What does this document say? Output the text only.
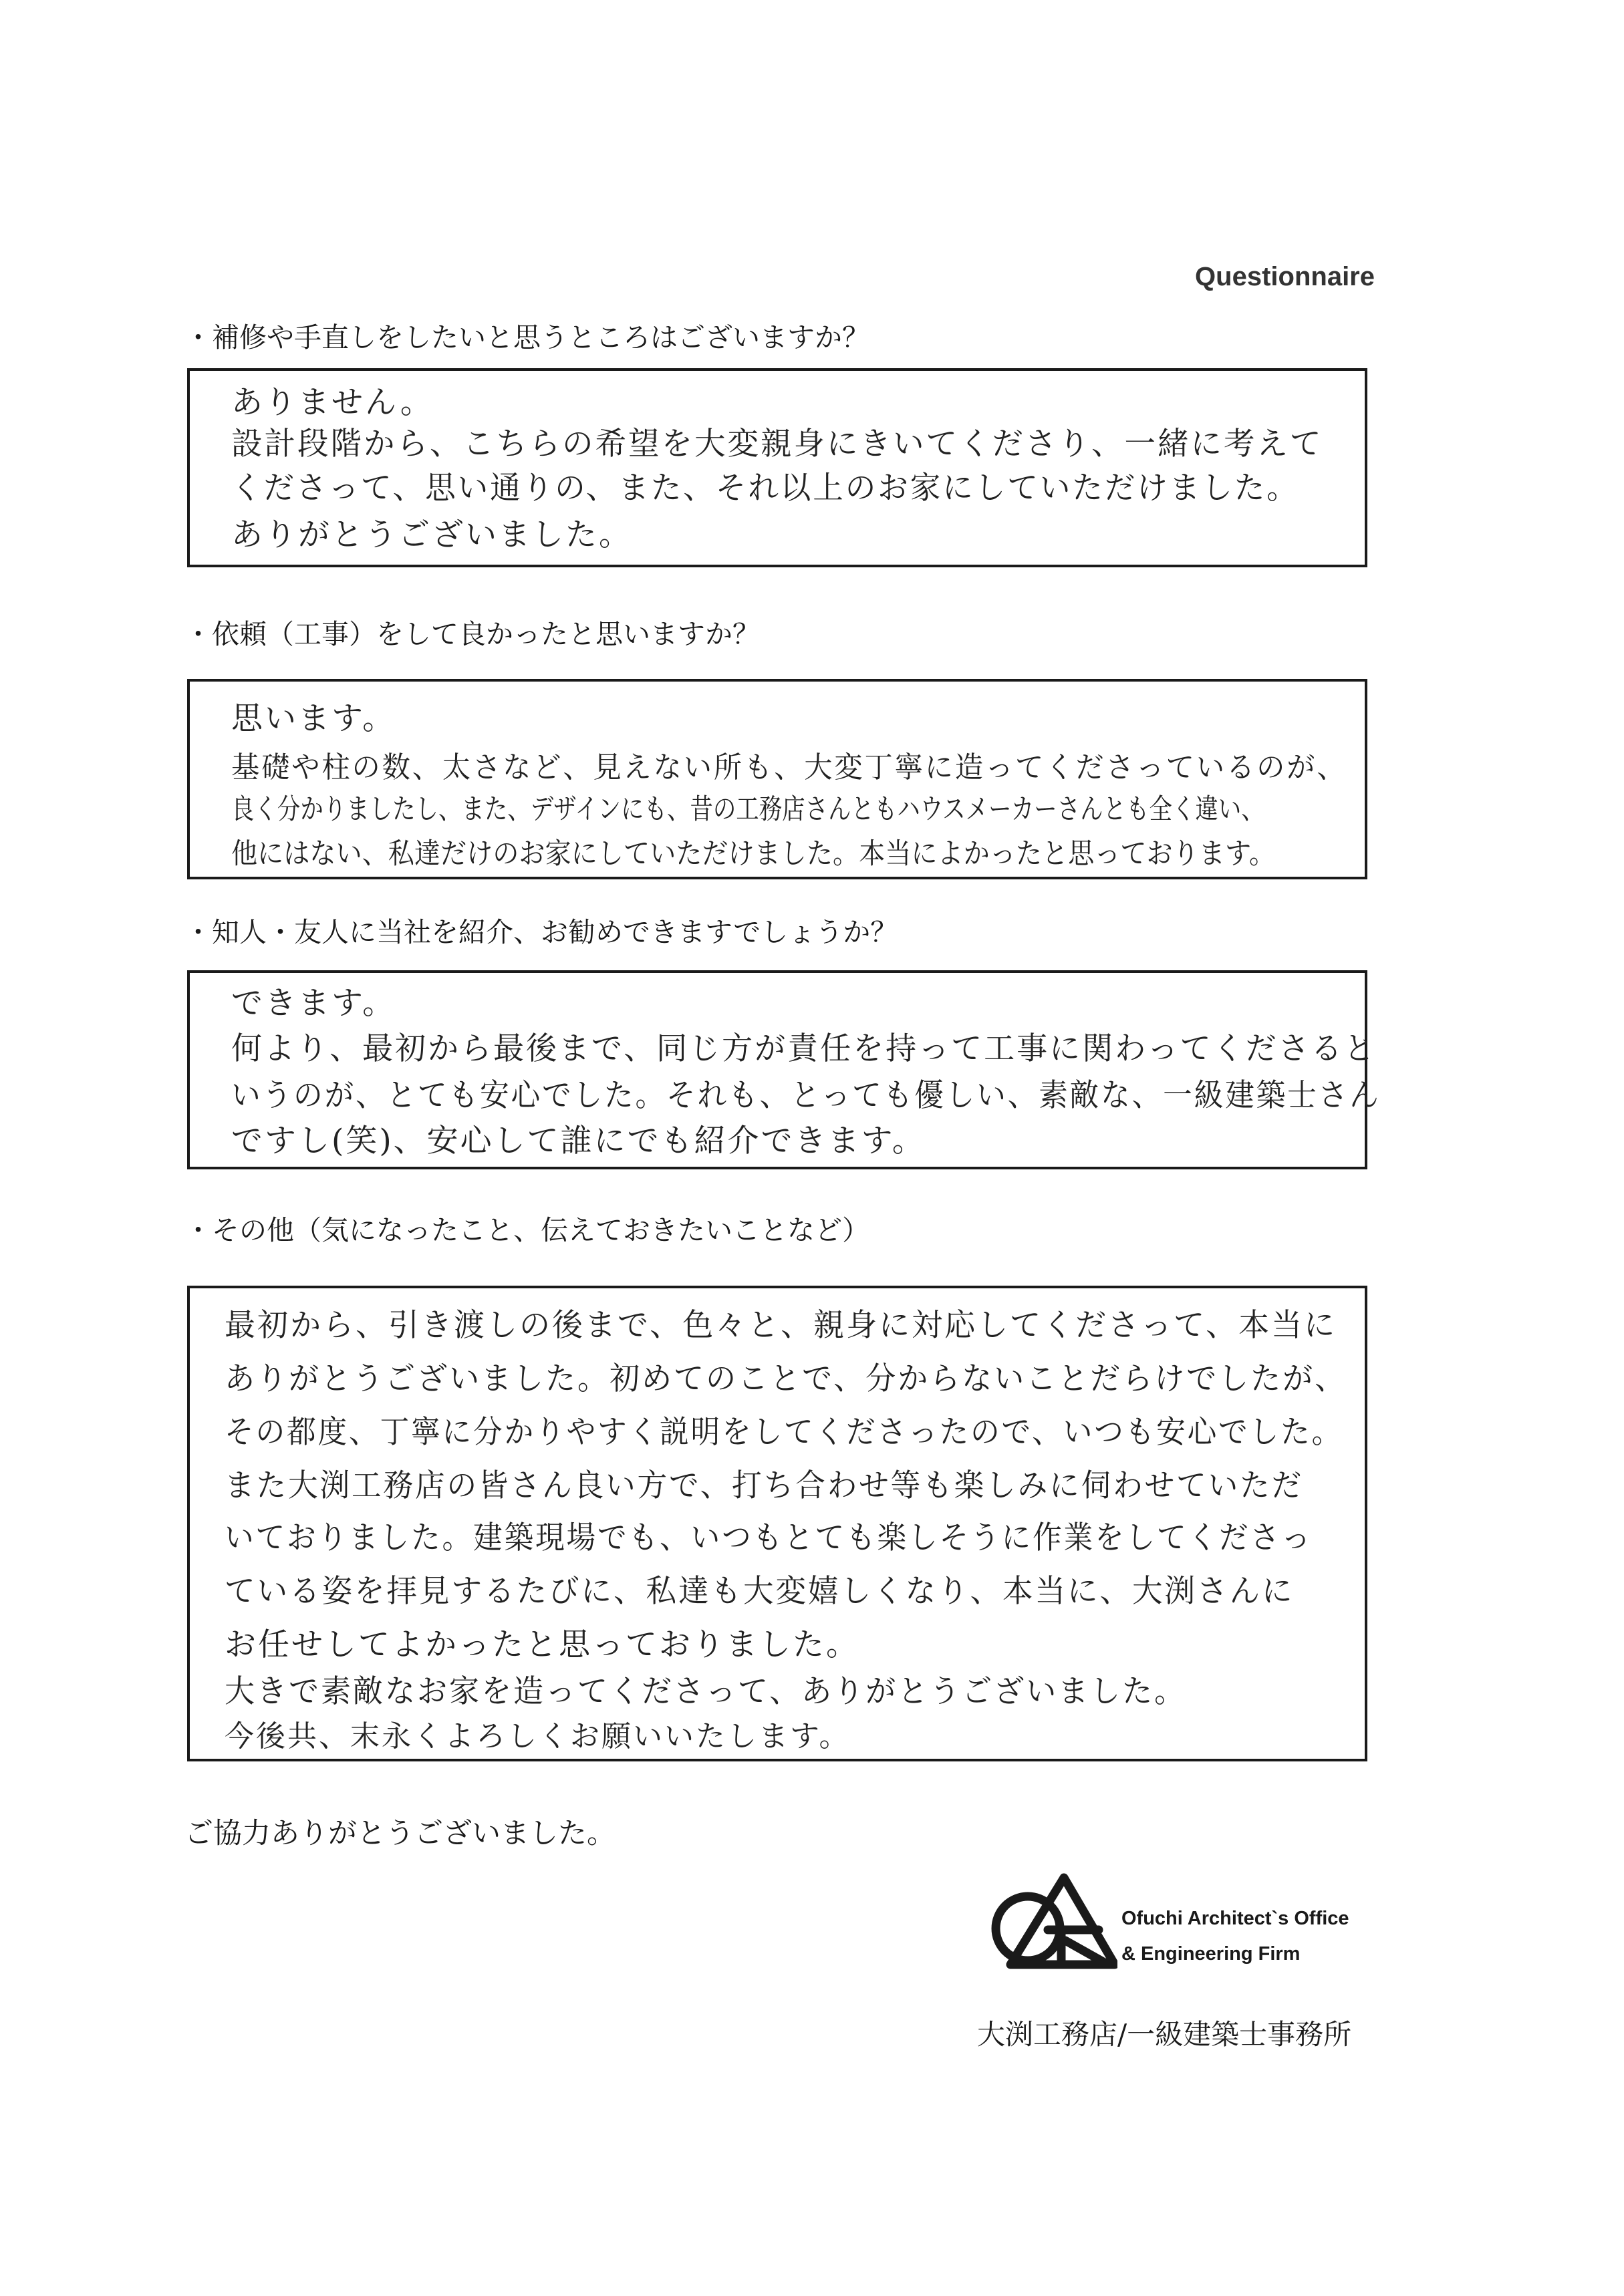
Questionnaire
・補修や手直しをしたいと思うところはございますか？
ありません。
設計段階から、こちらの希望を大変親身にきいてくださり、一緒に考えて
くださって、思い通りの、また、それ以上のお家にしていただけました。
ありがとうございました。
・依頼（工事）をして良かったと思いますか？
思います。
基礎や柱の数、太さなど、見えない所も、大変丁寧に造ってくださっているのが、
良く分かりましたし、また、デザインにも、昔の工務店さんともハウスメーカーさんとも全く違い、
他にはない、私達だけのお家にしていただけました。本当によかったと思っております。
・知人・友人に当社を紹介、お勧めできますでしょうか？
できます。
何より、最初から最後まで、同じ方が責任を持って工事に関わってくださると
いうのが、とても安心でした。それも、とっても優しい、素敵な、一級建築士さん
ですし(笑)、安心して誰にでも紹介できます。
・その他（気になったこと、伝えておきたいことなど）
最初から、引き渡しの後まで、色々と、親身に対応してくださって、本当に
ありがとうございました。初めてのことで、分からないことだらけでしたが、
その都度、丁寧に分かりやすく説明をしてくださったので、いつも安心でした。
また大渕工務店の皆さん良い方で、打ち合わせ等も楽しみに伺わせていただ
いておりました。建築現場でも、いつもとても楽しそうに作業をしてくださっ
ている姿を拝見するたびに、私達も大変嬉しくなり、本当に、大渕さんに
お任せしてよかったと思っておりました。
大きで素敵なお家を造ってくださって、ありがとうございました。
今後共、末永くよろしくお願いいたします。
ご協力ありがとうございました。
Ofuchi Architect`s Office
& Engineering Firm
大渕工務店/一級建築士事務所
